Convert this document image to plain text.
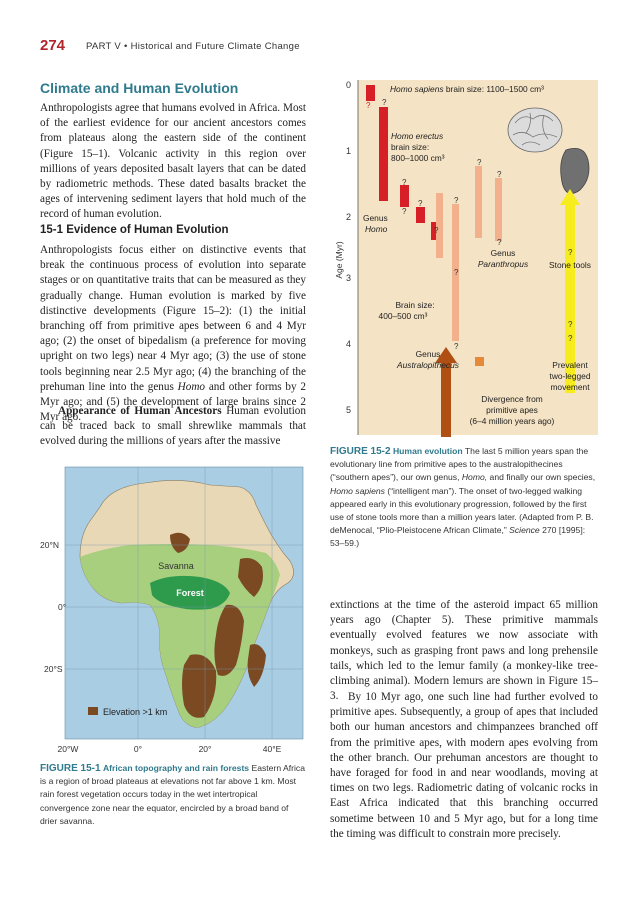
274 PART V • Historical and Future Climate Change
Climate and Human Evolution
Anthropologists agree that humans evolved in Africa. Most of the earliest evidence for our ancient ancestors comes from plateaus along the eastern side of the continent (Figure 15–1). Volcanic activity in this region over millions of years deposited basalt layers that can be dated by radiometric methods. These dated basalts bracket the ages of intervening sediment layers that hold much of the record of human evolution.
15-1 Evidence of Human Evolution
Anthropologists focus either on distinctive events that break the continuous process of evolution into separate stages or on quantitative traits that can be measured as they gradually change. Human evolution is marked by five distinctive developments (Figure 15–2): (1) the initial branching off from primitive apes between 6 and 4 Myr ago; (2) the onset of bipedalism (a preference for moving upright on two legs) near 4 Myr ago; (3) the use of stone tools beginning near 2.5 Myr ago; (4) the branching of the prehuman line into the genus Homo and other forms by 2 Myr ago; and (5) the development of large brains since 2 Myr ago.
Appearance of Human Ancestors Human evolution can be traced back to small shrewlike mammals that evolved during the millions of years after the massive
0
1
2
3
4
5
Age (Myr)
? ?
?
?
?
?
?
?
?
?
?
?
?
?
?
Homo sapiens brain size: 1100–1500 cm³
Homo erectus
brain size:
800–1000 cm³
Genus
Homo
Genus
Paranthropus Stone tools
Brain size:
400–500 cm³
Genus
Australopithecus	Prevalent
two-legged
movement
Divergence from
primitive apes
(6–4 million years ago)
FIGURE 15-2 Human evolution The last 5 million years span the evolutionary line from primitive apes to the australopithecines (“southern apes”), our own genus, Homo, and finally our own species, Homo sapiens (“intelligent man”). The onset of two-legged walking appeared early in this evolutionary progression, followed by the first use of stone tools more than a million years later. (Adapted from P. B. deMenocal, “Plio-Pleistocene African Climate,” Science 270 [1995]: 53–59.)
Savanna
Forest
Elevation >1 km
20°N
0°
20°S
20°W	0°	20°	40°E
FIGURE 15-1 African topography and rain forests Eastern Africa is a region of broad plateaus at elevations not far above 1 km. Most rain forest vegetation occurs today in the wet intertropical convergence zone near the equator, encircled by a broad band of drier savanna.
extinctions at the time of the asteroid impact 65 million years ago (Chapter 5). These primitive mammals eventually evolved features we now associate with monkeys, such as grasping front paws and long prehensile tails, which led to the lemur family (a monkey-like tree-climbing animal). Modern lemurs are shown in Figure 15–3. By 10 Myr ago, one such line had further evolved to primitive apes. Subsequently, a group of apes that included both our human ancestors and chimpanzees branched off from the primitive apes, with modern apes evolving from the other branch. Our prehuman ancestors are thought to have foraged for food in and near woodlands, moving at times on two legs. Radiometric dating of volcanic rocks in East Africa indicated that this branching occurred sometime between 10 and 5 Myr ago, but for a long time the timing was difficult to constrain more precisely.
